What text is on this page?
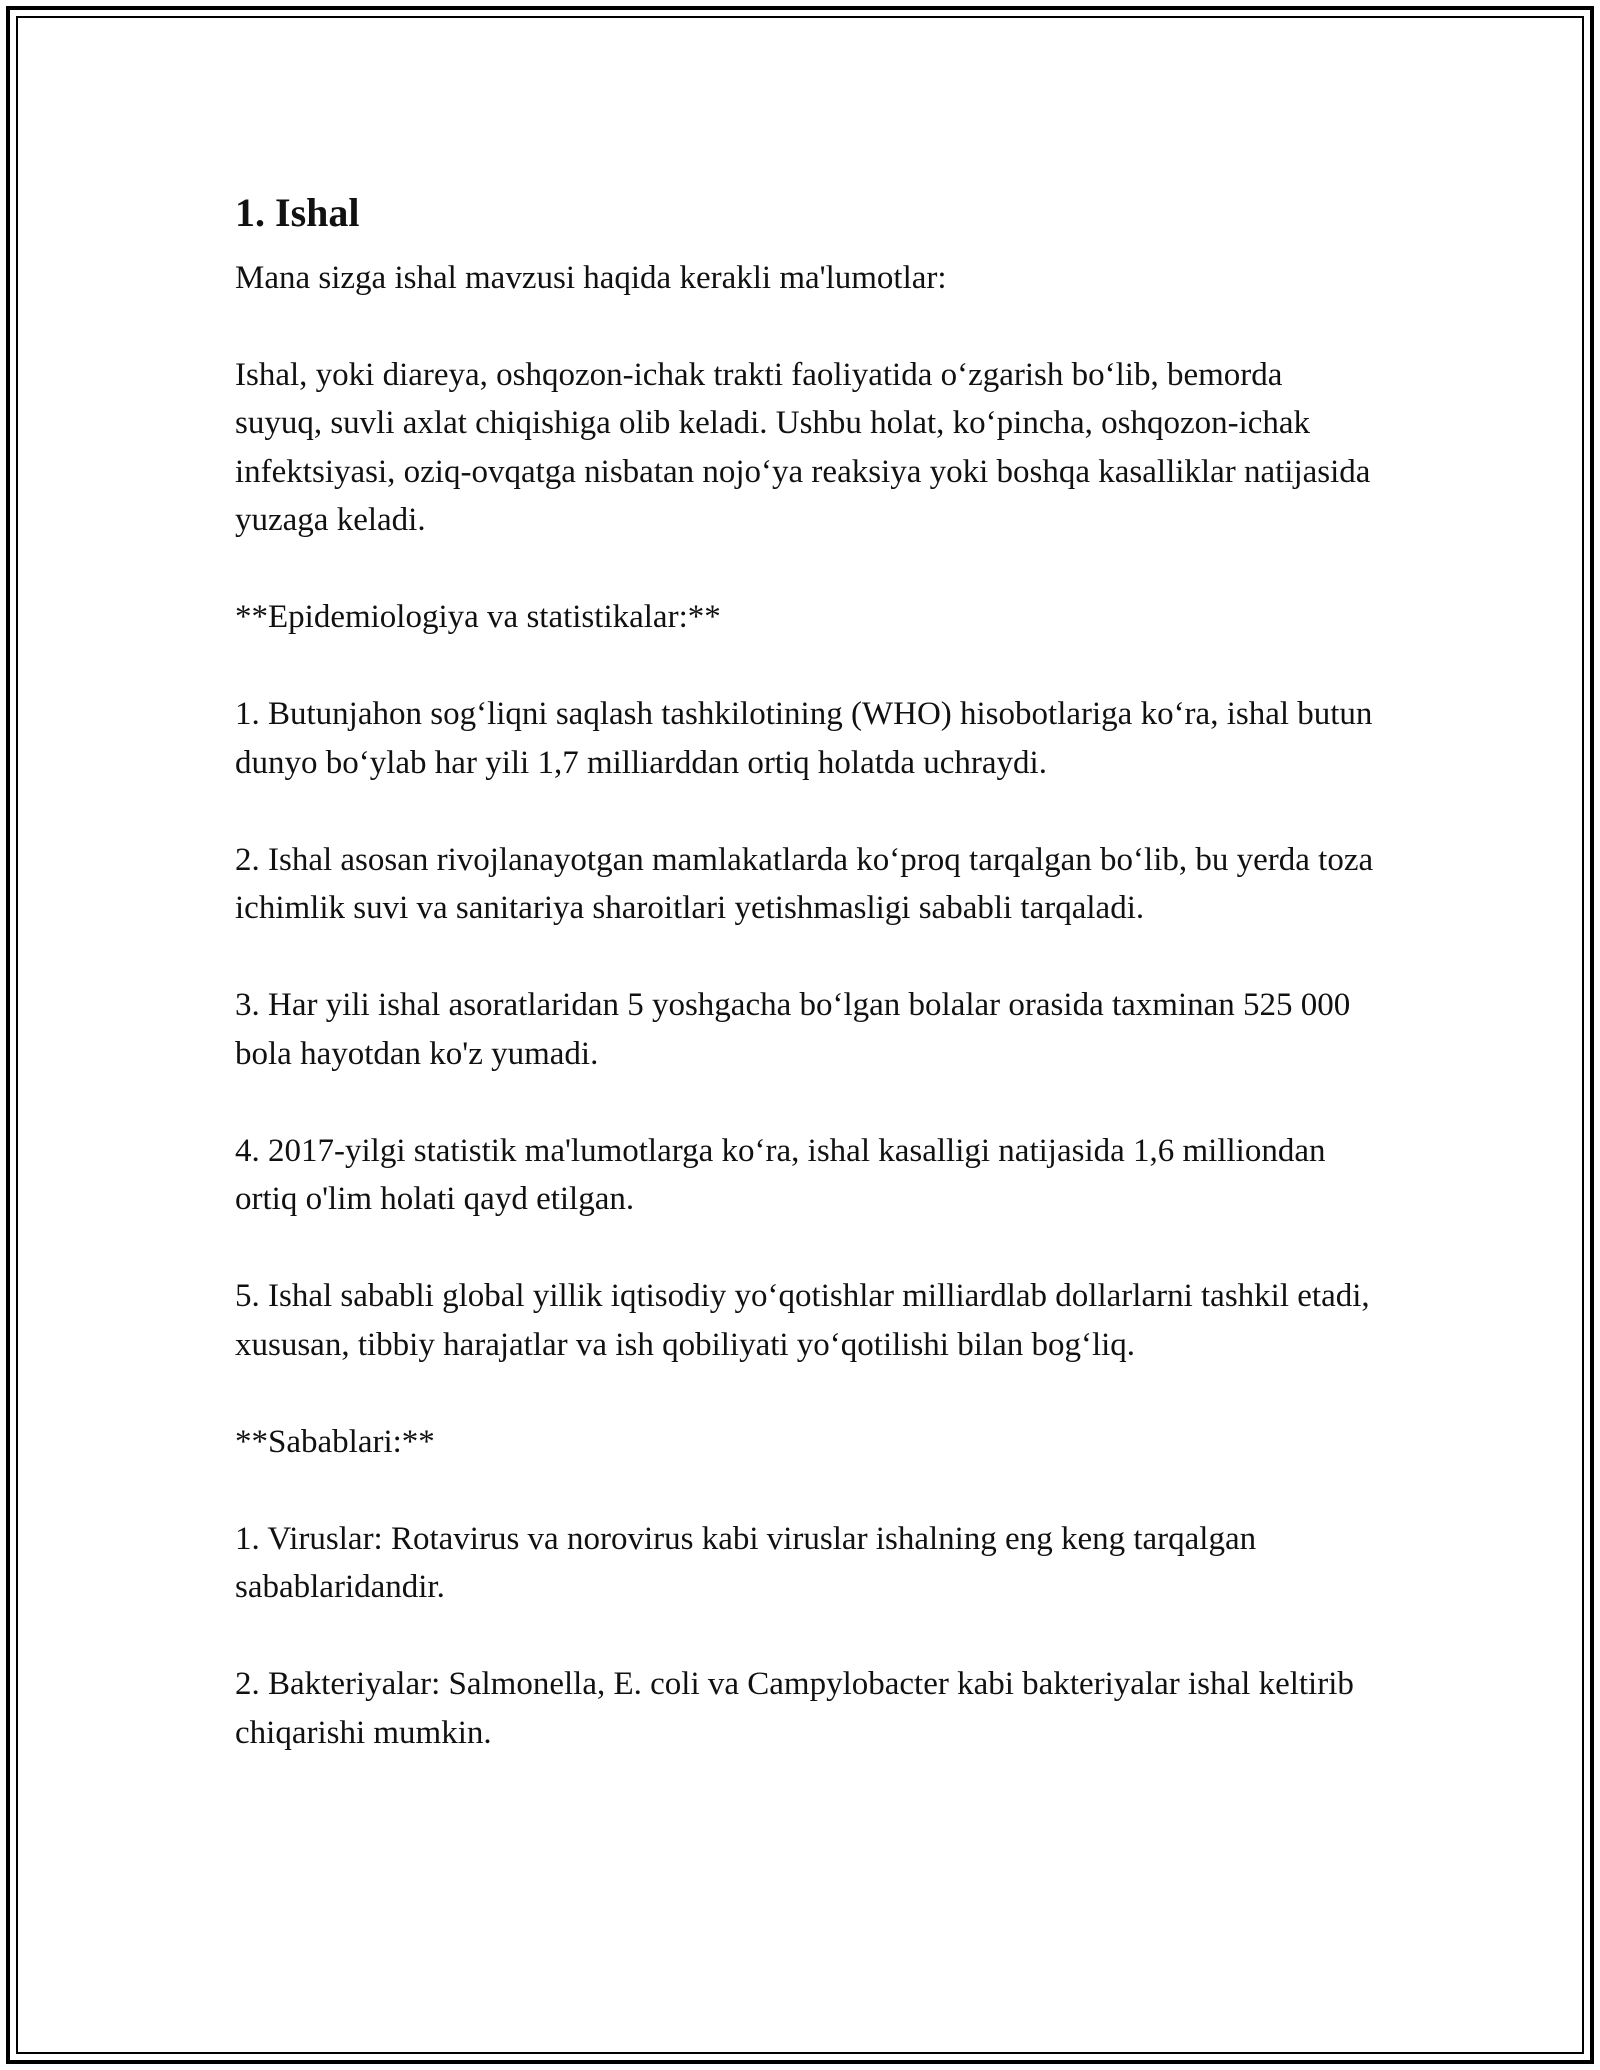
1. Ishal

Mana sizga ishal mavzusi haqida kerakli ma'lumotlar:

Ishal, yoki diareya, oshqozon-ichak trakti faoliyatida o‘zgarish bo‘lib, bemorda suyuq, suvli axlat chiqishiga olib keladi. Ushbu holat, ko‘pincha, oshqozon-ichak infektsiyasi, oziq-ovqatga nisbatan nojo‘ya reaksiya yoki boshqa kasalliklar natijasida yuzaga keladi.

**Epidemiologiya va statistikalar:**

1. Butunjahon sog‘liqni saqlash tashkilotining (WHO) hisobotlariga ko‘ra, ishal butun dunyo bo‘ylab har yili 1,7 milliarddan ortiq holatda uchraydi.

2. Ishal asosan rivojlanayotgan mamlakatlarda ko‘proq tarqalgan bo‘lib, bu yerda toza ichimlik suvi va sanitariya sharoitlari yetishmasligi sababli tarqaladi.

3. Har yili ishal asoratlaridan 5 yoshgacha bo‘lgan bolalar orasida taxminan 525 000 bola hayotdan ko'z yumadi.

4. 2017-yilgi statistik ma'lumotlarga ko‘ra, ishal kasalligi natijasida 1,6 milliondan ortiq o'lim holati qayd etilgan.

5. Ishal sababli global yillik iqtisodiy yo‘qotishlar milliardlab dollarlarni tashkil etadi, xususan, tibbiy harajatlar va ish qobiliyati yo‘qotilishi bilan bog‘liq.

**Sabablari:**

1. Viruslar: Rotavirus va norovirus kabi viruslar ishalning eng keng tarqalgan sabablaridandir.

2. Bakteriyalar: Salmonella, E. coli va Campylobacter kabi bakteriyalar ishal keltirib chiqarishi mumkin.
